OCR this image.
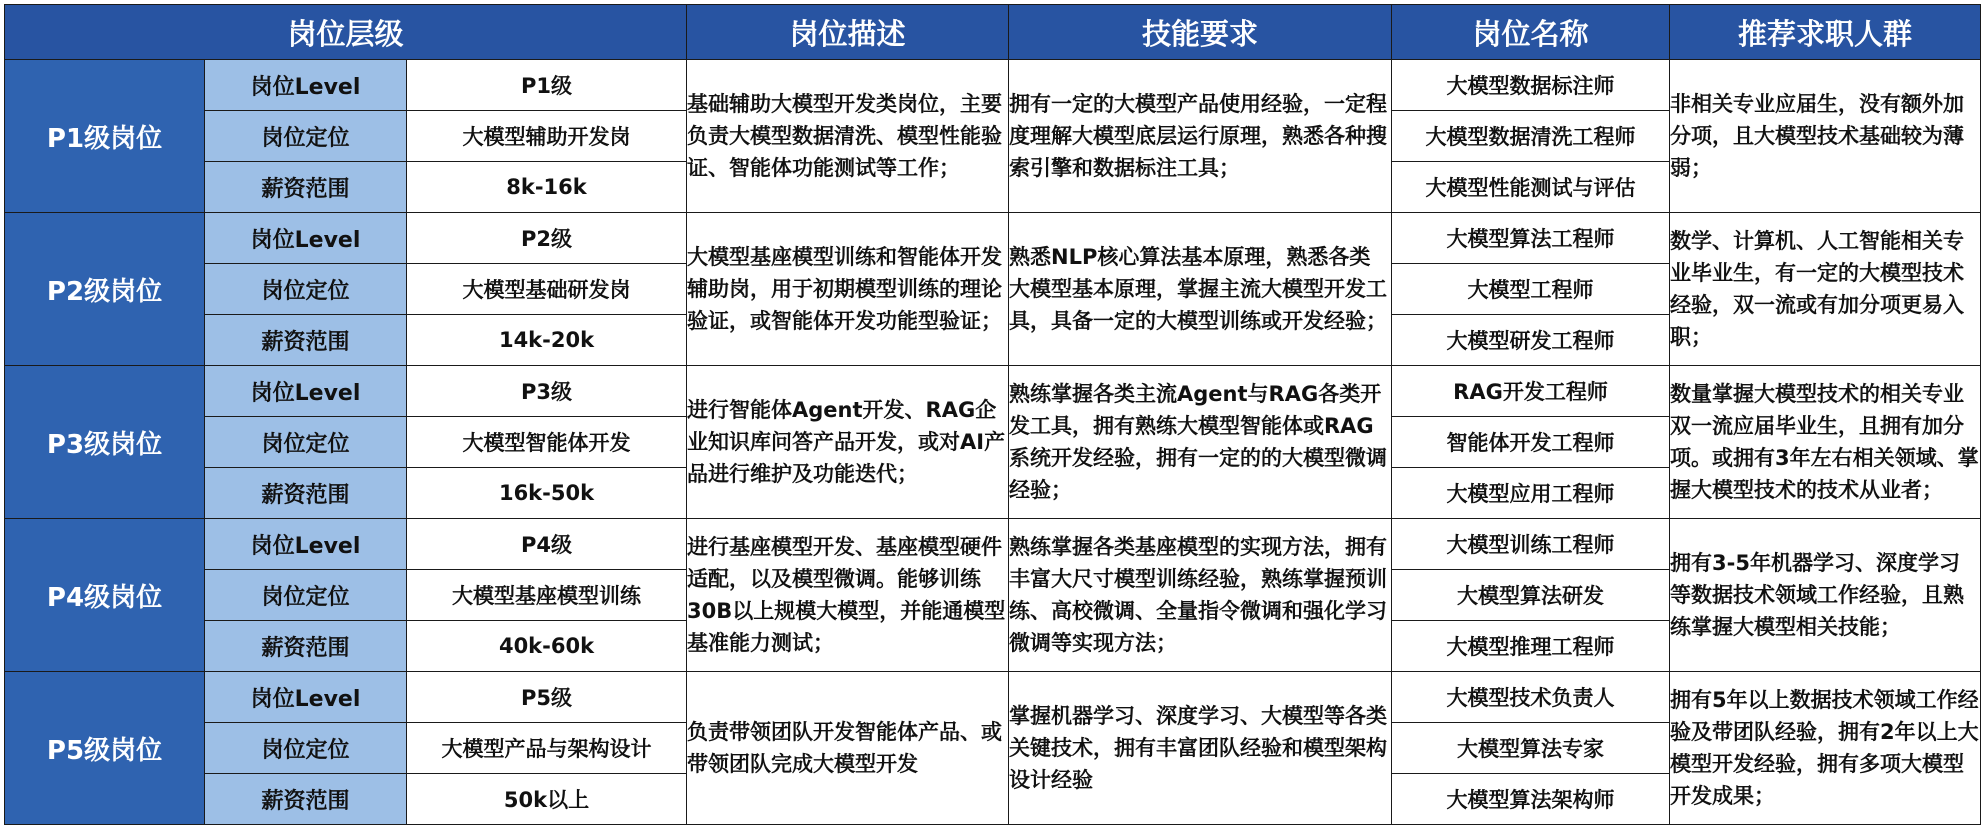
岗位层级			岗位描述	技能要求	岗位名称	推荐求职人群
P1级岗位	岗位Level	P1级	基础辅助大模型开发类岗位，主要负责大模型数据清洗、模型性能验证、智能体功能测试等工作；	拥有一定的大模型产品使用经验，一定程度理解大模型底层运行原理，熟悉各种搜索引擎和数据标注工具；	大模型数据标注师	非相关专业应届生，没有额外加分项，且大模型技术基础较为薄弱；
	岗位定位	大模型辅助开发岗			大模型数据清洗工程师	
	薪资范围	8k-16k			大模型性能测试与评估	
P2级岗位	岗位Level	P2级	大模型基座模型训练和智能体开发辅助岗，用于初期模型训练的理论验证，或智能体开发功能型验证；	熟悉NLP核心算法基本原理，熟悉各类大模型基本原理，掌握主流大模型开发工具，具备一定的大模型训练或开发经验；	大模型算法工程师	数学、计算机、人工智能相关专业毕业生，有一定的大模型技术经验，双一流或有加分项更易入职；
	岗位定位	大模型基础研发岗			大模型工程师	
	薪资范围	14k-20k			大模型研发工程师	
P3级岗位	岗位Level	P3级	进行智能体Agent开发、RAG企业知识库问答产品开发，或对AI产品进行维护及功能迭代；	熟练掌握各类主流Agent与RAG各类开发工具，拥有熟练大模型智能体或RAG系统开发经验，拥有一定的的大模型微调经验；	RAG开发工程师	数量掌握大模型技术的相关专业双一流应届毕业生，且拥有加分项。或拥有3年左右相关领域、掌握大模型技术的技术从业者；
	岗位定位	大模型智能体开发			智能体开发工程师	
	薪资范围	16k-50k			大模型应用工程师	
P4级岗位	岗位Level	P4级	进行基座模型开发、基座模型硬件适配，以及模型微调。能够训练30B以上规模大模型，并能通模型基准能力测试；	熟练掌握各类基座模型的实现方法，拥有丰富大尺寸模型训练经验，熟练掌握预训练、高校微调、全量指令微调和强化学习微调等实现方法；	大模型训练工程师	拥有3-5年机器学习、深度学习等数据技术领域工作经验，且熟练掌握大模型相关技能；
	岗位定位	大模型基座模型训练			大模型算法研发	
	薪资范围	40k-60k			大模型推理工程师	
P5级岗位	岗位Level	P5级	负责带领团队开发智能体产品、或带领团队完成大模型开发	掌握机器学习、深度学习、大模型等各类关键技术，拥有丰富团队经验和模型架构设计经验	大模型技术负责人	拥有5年以上数据技术领域工作经验及带团队经验，拥有2年以上大模型开发经验，拥有多项大模型开发成果；
	岗位定位	大模型产品与架构设计			大模型算法专家	
	薪资范围	50k以上			大模型算法架构师	
